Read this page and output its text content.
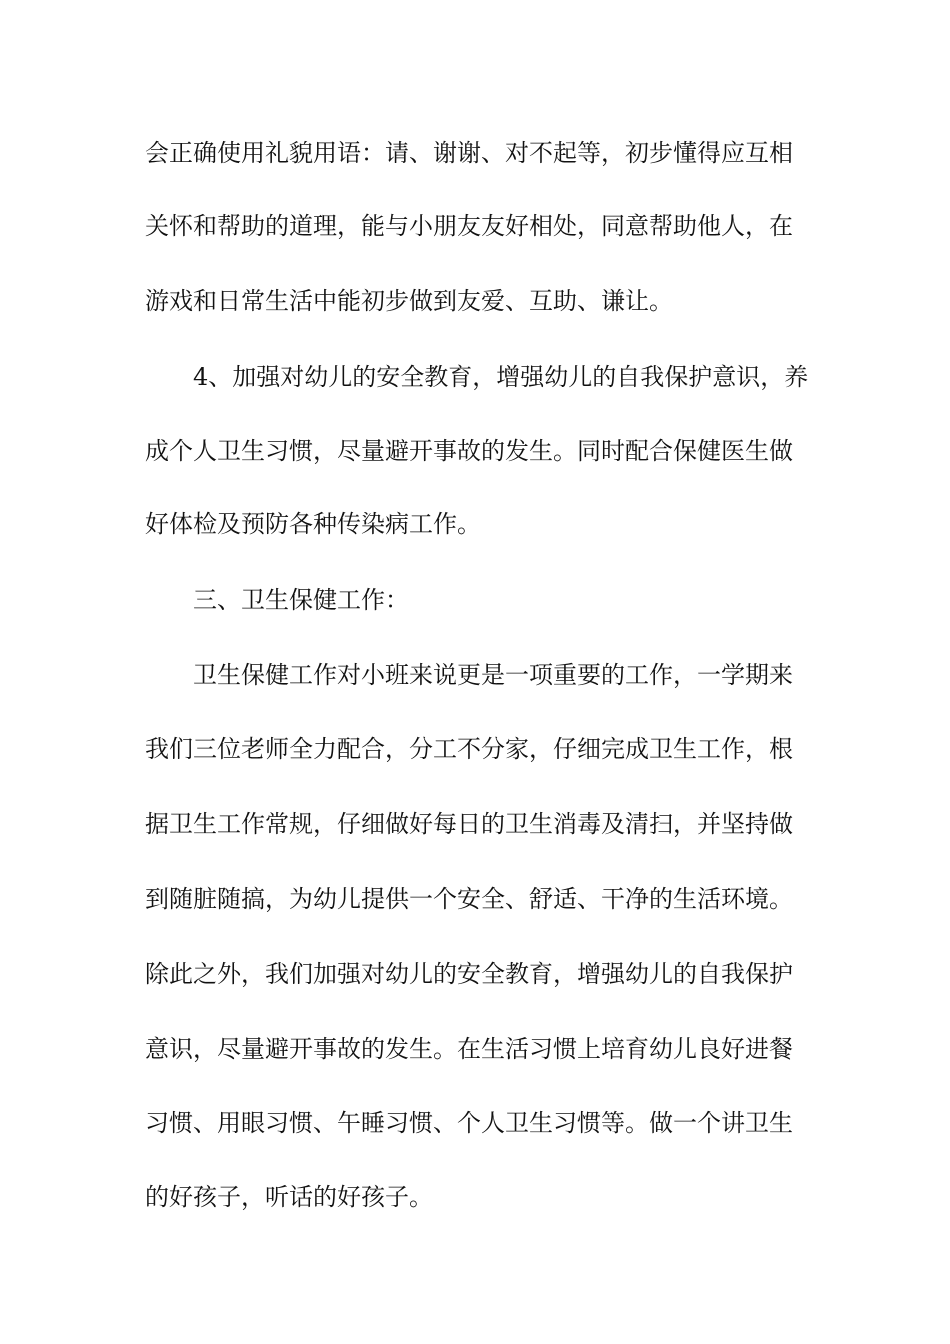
会正确使用礼貌用语：请、谢谢、对不起等，初步懂得应互相
关怀和帮助的道理，能与小朋友友好相处，同意帮助他人，在
游戏和日常生活中能初步做到友爱、互助、谦让。
4、加强对幼儿的安全教育，增强幼儿的自我保护意识，养
成个人卫生习惯，尽量避开事故的发生。同时配合保健医生做
好体检及预防各种传染病工作。
三、卫生保健工作：
卫生保健工作对小班来说更是一项重要的工作，一学期来
我们三位老师全力配合，分工不分家，仔细完成卫生工作，根
据卫生工作常规，仔细做好每日的卫生消毒及清扫，并坚持做
到随脏随搞，为幼儿提供一个安全、舒适、干净的生活环境。
除此之外，我们加强对幼儿的安全教育，增强幼儿的自我保护
意识，尽量避开事故的发生。在生活习惯上培育幼儿良好进餐
习惯、用眼习惯、午睡习惯、个人卫生习惯等。做一个讲卫生
的好孩子，听话的好孩子。
